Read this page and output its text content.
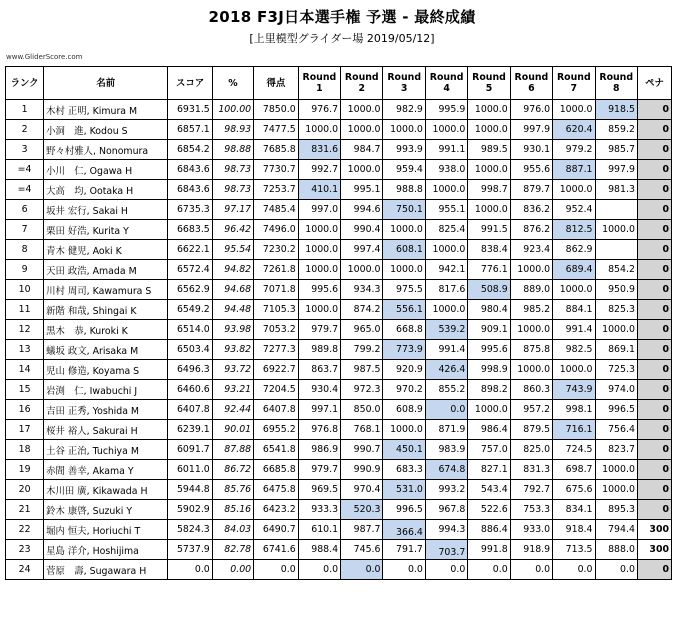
2018 F3J日本選手権 予選 - 最終成績
[上里模型グライダー場 2019/05/12]
www.GliderScore.com
ランク	名前	スコア	%	得点	Round 1	Round 2	Round 3	Round 4	Round 5	Round 6	Round 7	Round 8	ペナ
1	木村 正明, Kimura M	6931.5	100.00	7850.0	976.7	1000.0	982.9	995.9	1000.0	976.0	1000.0	918.5	0
2	小洞　進, Kodou S	6857.1	98.93	7477.5	1000.0	1000.0	1000.0	1000.0	1000.0	997.9	620.4	859.2	0
3	野々村雅人, Nonomura	6854.2	98.88	7685.8	831.6	984.7	993.9	991.1	989.5	930.1	979.2	985.7	0
=4	小川　仁, Ogawa H	6843.6	98.73	7730.7	992.7	1000.0	959.4	938.0	1000.0	955.6	887.1	997.9	0
=4	大高　均, Ootaka H	6843.6	98.73	7253.7	410.1	995.1	988.8	1000.0	998.7	879.7	1000.0	981.3	0
6	坂井 宏行, Sakai H	6735.3	97.17	7485.4	997.0	994.6	750.1	955.1	1000.0	836.2	952.4		0
7	栗田 好浩, Kurita Y	6683.5	96.42	7496.0	1000.0	990.4	1000.0	825.4	991.5	876.2	812.5	1000.0	0
8	青木 健児, Aoki K	6622.1	95.54	7230.2	1000.0	997.4	608.1	1000.0	838.4	923.4	862.9		0
9	天田 政浩, Amada M	6572.4	94.82	7261.8	1000.0	1000.0	1000.0	942.1	776.1	1000.0	689.4	854.2	0
10	川村 周司, Kawamura S	6562.9	94.68	7071.8	995.6	934.3	975.5	817.6	508.9	889.0	1000.0	950.9	0
11	新階 和哉, Shingai K	6549.2	94.48	7105.3	1000.0	874.2	556.1	1000.0	980.4	985.2	884.1	825.3	0
12	黒木　恭, Kuroki K	6514.0	93.98	7053.2	979.7	965.0	668.8	539.2	909.1	1000.0	991.4	1000.0	0
13	蟻坂 政文, Arisaka M	6503.4	93.82	7277.3	989.8	799.2	773.9	991.4	995.6	875.8	982.5	869.1	0
14	児山 修造, Koyama S	6496.3	93.72	6922.7	863.7	987.5	920.9	426.4	998.9	1000.0	1000.0	725.3	0
15	岩渕　仁, Iwabuchi J	6460.6	93.21	7204.5	930.4	972.3	970.2	855.2	898.2	860.3	743.9	974.0	0
16	吉田 正秀, Yoshida M	6407.8	92.44	6407.8	997.1	850.0	608.9	0.0	1000.0	957.2	998.1	996.5	0
17	桜井 裕人, Sakurai H	6239.1	90.01	6955.2	976.8	768.1	1000.0	871.9	986.4	879.5	716.1	756.4	0
18	土谷 正治, Tuchiya M	6091.7	87.88	6541.8	986.9	990.7	450.1	983.9	757.0	825.0	724.5	823.7	0
19	赤間 善幸, Akama Y	6011.0	86.72	6685.8	979.7	990.9	683.3	674.8	827.1	831.3	698.7	1000.0	0
20	木川田 廣, Kikawada H	5944.8	85.76	6475.8	969.5	970.4	531.0	993.2	543.4	792.7	675.6	1000.0	0
21	鈴木 康啓, Suzuki Y	5902.9	85.16	6423.2	933.3	520.3	996.5	967.8	522.6	753.3	834.1	895.3	0
22	堀内 恒夫, Horiuchi T	5824.3	84.03	6490.7	610.1	987.7	366.4	994.3	886.4	933.0	918.4	794.4	300
23	星島 洋介, Hoshijima	5737.9	82.78	6741.6	988.4	745.6	791.7	703.7	991.8	918.9	713.5	888.0	300
24	菅原　壽, Sugawara H	0.0	0.00	0.0	0.0	0.0	0.0	0.0	0.0	0.0	0.0	0.0	0
